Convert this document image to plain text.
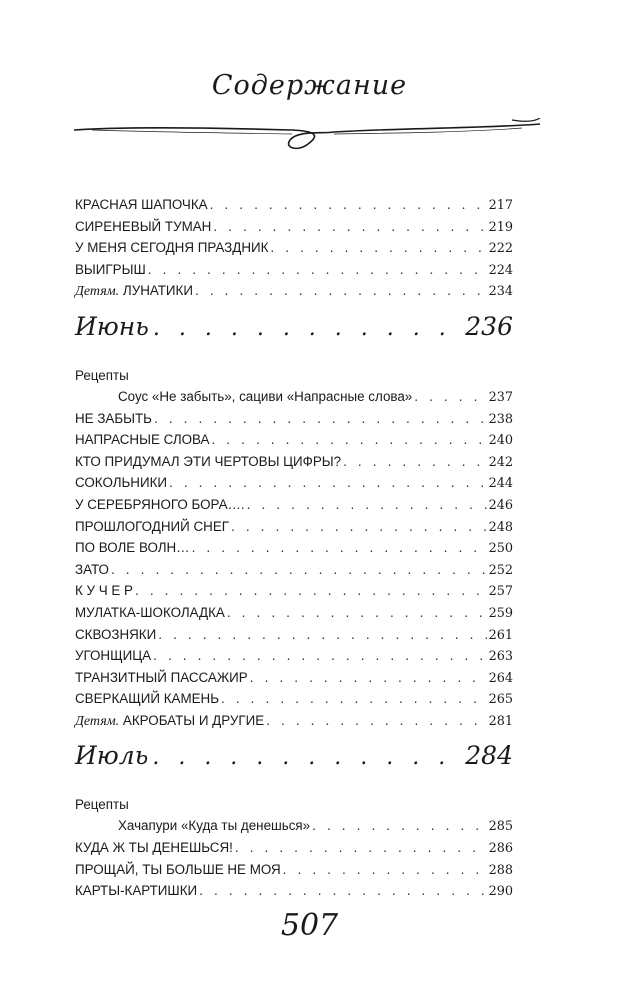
Содержание
КРАСНАЯ ШАПОЧКА . . .	217
СИРЕНЕВЫЙ ТУМАН . . .	219
У МЕНЯ СЕГОДНЯ ПРАЗДНИК . . .	222
ВЫИГРЫШ . . .	224
Детям. ЛУНАТИКИ . . .	234
Июнь . . .	236
Рецепты
Соус «Не забыть», сациви «Напрасные слова» . . .	237
НЕ ЗАБЫТЬ . . .	238
НАПРАСНЫЕ СЛОВА . . .	240
КТО ПРИДУМАЛ ЭТИ ЧЕРТОВЫ ЦИФРЫ? . . .	242
СОКОЛЬНИКИ . . .	244
У СЕРЕБРЯНОГО БОРА…. . . .	246
ПРОШЛОГОДНИЙ СНЕГ . . .	248
ПО ВОЛЕ ВОЛН… . . .	250
ЗАТО . . .	252
К У Ч Е Р . . .	257
МУЛАТКА-ШОКОЛАДКА . . .	259
СКВОЗНЯКИ . . .	261
УГОНЩИЦА . . .	263
ТРАНЗИТНЫЙ ПАССАЖИР . . .	264
СВЕРКАЩИЙ КАМЕНЬ . . .	265
Детям. АКРОБАТЫ И ДРУГИЕ . . .	281
Июль . . .	284
Рецепты
Хачапури «Куда ты денешься» . . .	285
КУДА Ж ТЫ ДЕНЕШЬСЯ! . . .	286
ПРОЩАЙ, ТЫ БОЛЬШЕ НЕ МОЯ . . .	288
КАРТЫ-КАРТИШКИ . . .	290
507
